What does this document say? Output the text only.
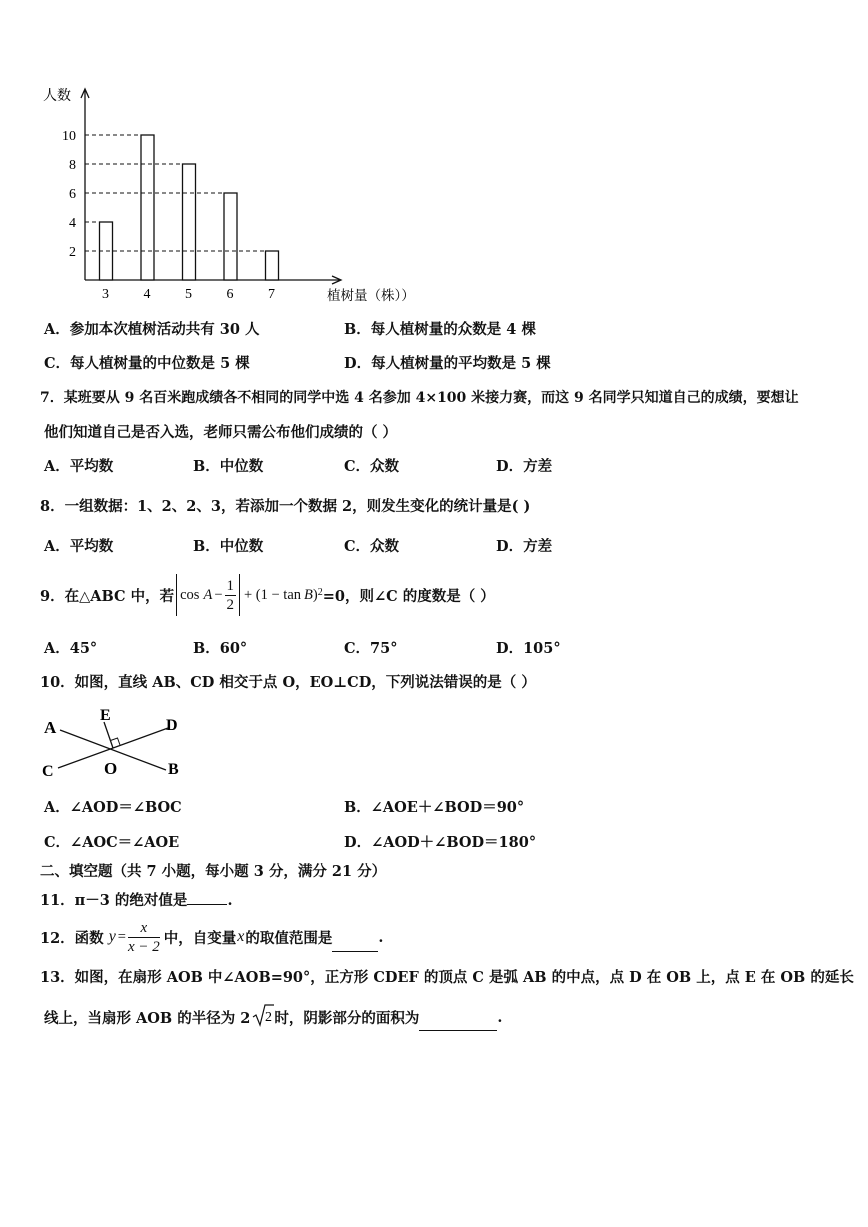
人数
植树量（株））
3 4 5 6 7
2
4
6
8
10
A．参加本次植树活动共有 30 人	B．每人植树量的众数是 4 棵
C．每人植树量的中位数是 5 棵	D．每人植树量的平均数是 5 棵
7．某班要从 9 名百米跑成绩各不相同的同学中选 4 名参加 4×100 米接力赛，而这 9 名同学只知道自己的成绩，要想让
他们知道自己是否入选，老师只需公布他们成绩的（ ）
A．平均数	B．中位数	C．众数	D．方差
8．一组数据：1、2、2、3，若添加一个数据 2，则发生变化的统计量是( )
A．平均数	B．中位数	C．众数	D．方差
9．在△ABC 中，若 $\cos A - \frac{1}{2} + (1 - \tan B$ )$^2$ =0，则∠C 的度数是（ ）
A．45°	B．60°	C．75°	D．105°
10．如图，直线 AB、CD 相交于点 O，EO⊥CD，下列说法错误的是（ ）
A
E
D
C	O	B
A．∠AOD＝∠BOC	B．∠AOE＋∠BOD＝90°
C．∠AOC＝∠AOE	D．∠AOD＋∠BOD＝180°
二、填空题（共 7 小题，每小题 3 分，满分 21 分）
11．π－3 的绝对值是	.
12．函数 $y = \frac{x}{x - 2}$ 中，自变量 x 的取值范围是	.
13．如图，在扇形 AOB 中∠AOB=90°，正方形 CDEF 的顶点 C 是弧 AB 的中点，点 D 在 OB 上，点 E 在 OB 的延长
线上，当扇形 AOB 的半径为 2 2 时，阴影部分的面积为	.
